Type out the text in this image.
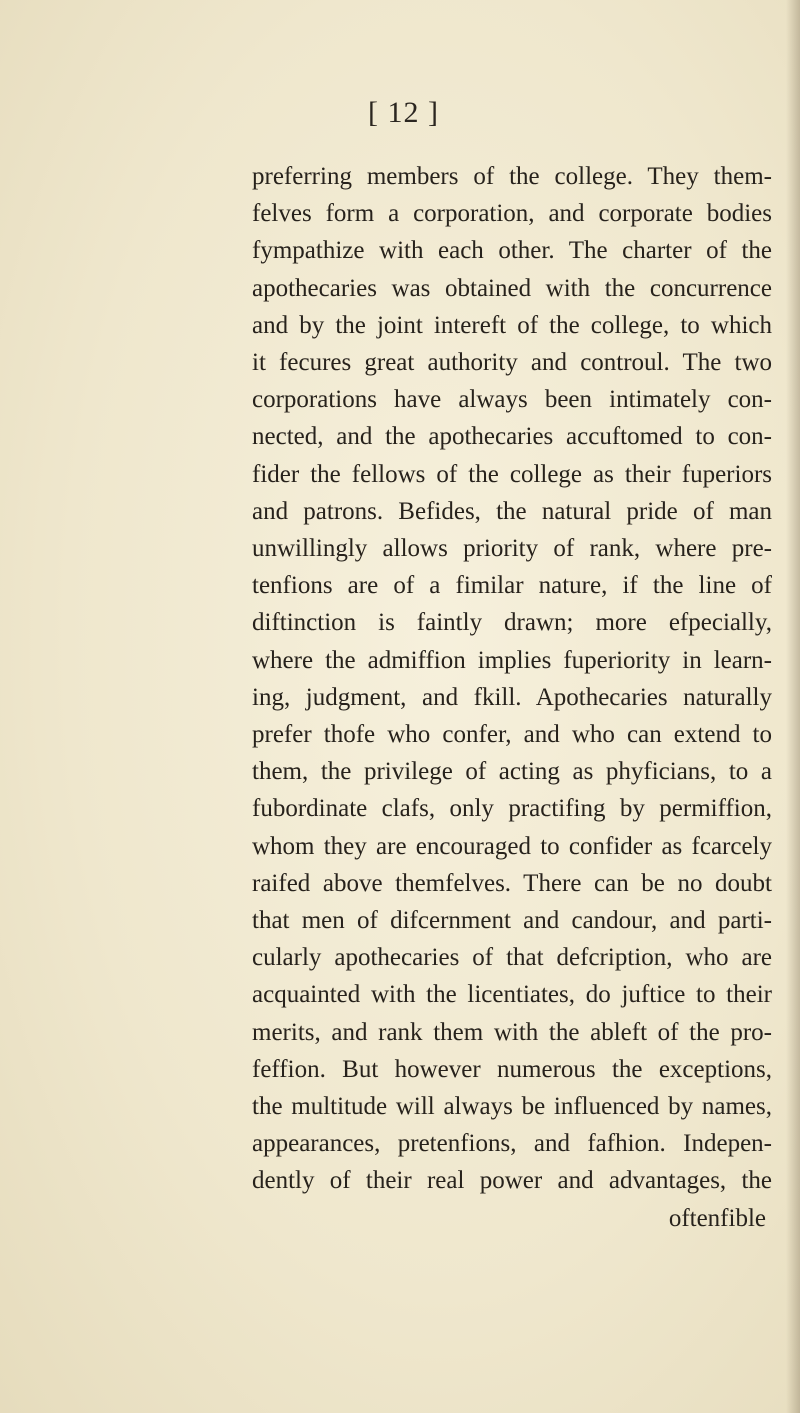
[ 12 ]
preferring members of the college. They them-
felves form a corporation, and corporate bodies
fympathize with each other. The charter of the
apothecaries was obtained with the concurrence
and by the joint intereft of the college, to which
it fecures great authority and controul. The two
corporations have always been intimately con-
nected, and the apothecaries accuftomed to con-
fider the fellows of the college as their fuperiors
and patrons. Befides, the natural pride of man
unwillingly allows priority of rank, where pre-
tenfions are of a fimilar nature, if the line of
diftinction is faintly drawn; more efpecially,
where the admiffion implies fuperiority in learn-
ing, judgment, and fkill. Apothecaries naturally
prefer thofe who confer, and who can extend to
them, the privilege of acting as phyficians, to a
fubordinate clafs, only practifing by permiffion,
whom they are encouraged to confider as fcarcely
raifed above themfelves. There can be no doubt
that men of difcernment and candour, and parti-
cularly apothecaries of that defcription, who are
acquainted with the licentiates, do juftice to their
merits, and rank them with the ableft of the pro-
feffion. But however numerous the exceptions,
the multitude will always be influenced by names,
appearances, pretenfions, and fafhion. Indepen-
dently of their real power and advantages, the
oftenfible
